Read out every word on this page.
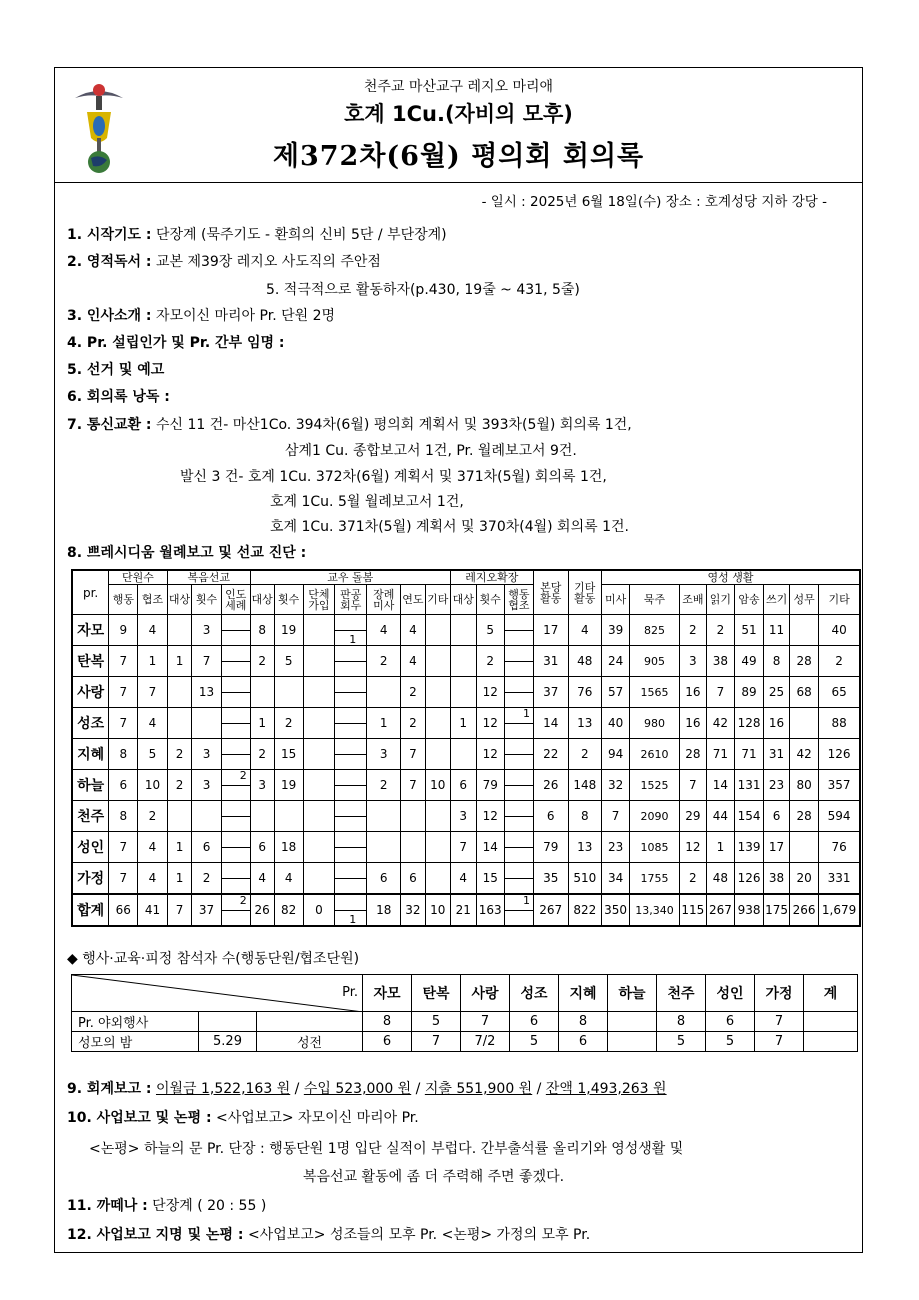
천주교 마산교구 레지오 마리애
호계 1Cu.(자비의 모후)
제372차(6월) 평의회 회의록
- 일시 : 2025년 6월 18일(수) 장소 : 호계성당 지하 강당 -
1. 시작기도 : 단장계 (묵주기도 - 환희의 신비 5단 / 부단장계)
2. 영적독서 : 교본 제39장 레지오 사도직의 주안점
5. 적극적으로 활동하자(p.430, 19줄 ~ 431, 5줄)
3. 인사소개 : 자모이신 마리아 Pr. 단원 2명
4. Pr. 설립인가 및 Pr. 간부 임명 :
5. 선거 및 예고
6. 회의록 낭독 :
7. 통신교환 : 수신 11 건- 마산1Co. 394차(6월) 평의회 계획서 및 393차(5월) 회의록 1건,
삼계1 Cu. 종합보고서 1건, Pr. 월례보고서 9건.
발신 3 건- 호계 1Cu. 372차(6월) 계획서 및 371차(5월) 회의록 1건,
호계 1Cu. 5월 월례보고서 1건,
호계 1Cu. 371차(5월) 계획서 및 370차(4월) 회의록 1건.
8. 쁘레시디움 월례보고 및 선교 진단 :
pr.	단원수		복음선교			교우 돌봄							레지오확장			본당 활동	기타 활동	영성 생활							
	행동	협조	대상	횟수	인도 세례	대상	횟수	단체 가입	판공 회두	장례 미사	연도	기타	대상	횟수	행동 협조			미사	묵주	조배	읽기	암송	쓰기	성무	기타
자모	9	4		3		8	19		1	4	4			5		17	4	39	825	2	2	51	11		40
탄복	7	1	1	7		2	5			2	4			2		31	48	24	905	3	38	49	8	28	2
사랑	7	7		13							2			12		37	76	57	1565	16	7	89	25	68	65
성조	7	4				1	2			1	2		1	12	1	14	13	40	980	16	42	128	16		88
지혜	8	5	2	3		2	15			3	7			12		22	2	94	2610	28	71	71	31	42	126
하늘	6	10	2	3	2	3	19			2	7	10	6	79		26	148	32	1525	7	14	131	23	80	357
천주	8	2											3	12		6	8	7	2090	29	44	154	6	28	594
성인	7	4	1	6		6	18						7	14		79	13	23	1085	12	1	139	17		76
가정	7	4	1	2		4	4			6	6		4	15		35	510	34	1755	2	48	126	38	20	331
합계	66	41	7	37	2	26	82	0	1	18	32	10	21	163	1	267	822	350	13,340	115	267	938	175	266	1,679
◆ 행사·교육·피정 참석자 수(행동단원/협조단원)
Pr.			자모	탄복	사랑	성조	지혜	하늘	천주	성인	가정	계
Pr. 야외행사			8	5	7	6	8		8	6	7	
성모의 밤	5.29	성전	6	7	7/2	5	6		5	5	7	
9. 회계보고 : 이월금 1,522,163 원 / 수입 523,000 원 / 지출 551,900 원 / 잔액 1,493,263 원
10. 사업보고 및 논평 : <사업보고> 자모이신 마리아 Pr.
<논평> 하늘의 문 Pr. 단장 : 행동단원 1명 입단 실적이 부럽다. 간부출석률 올리기와 영성생활 및
복음선교 활동에 좀 더 주력해 주면 좋겠다.
11. 까떼나 : 단장계 ( 20 : 55 )
12. 사업보고 지명 및 논평 : <사업보고> 성조들의 모후 Pr. <논평> 가정의 모후 Pr.
